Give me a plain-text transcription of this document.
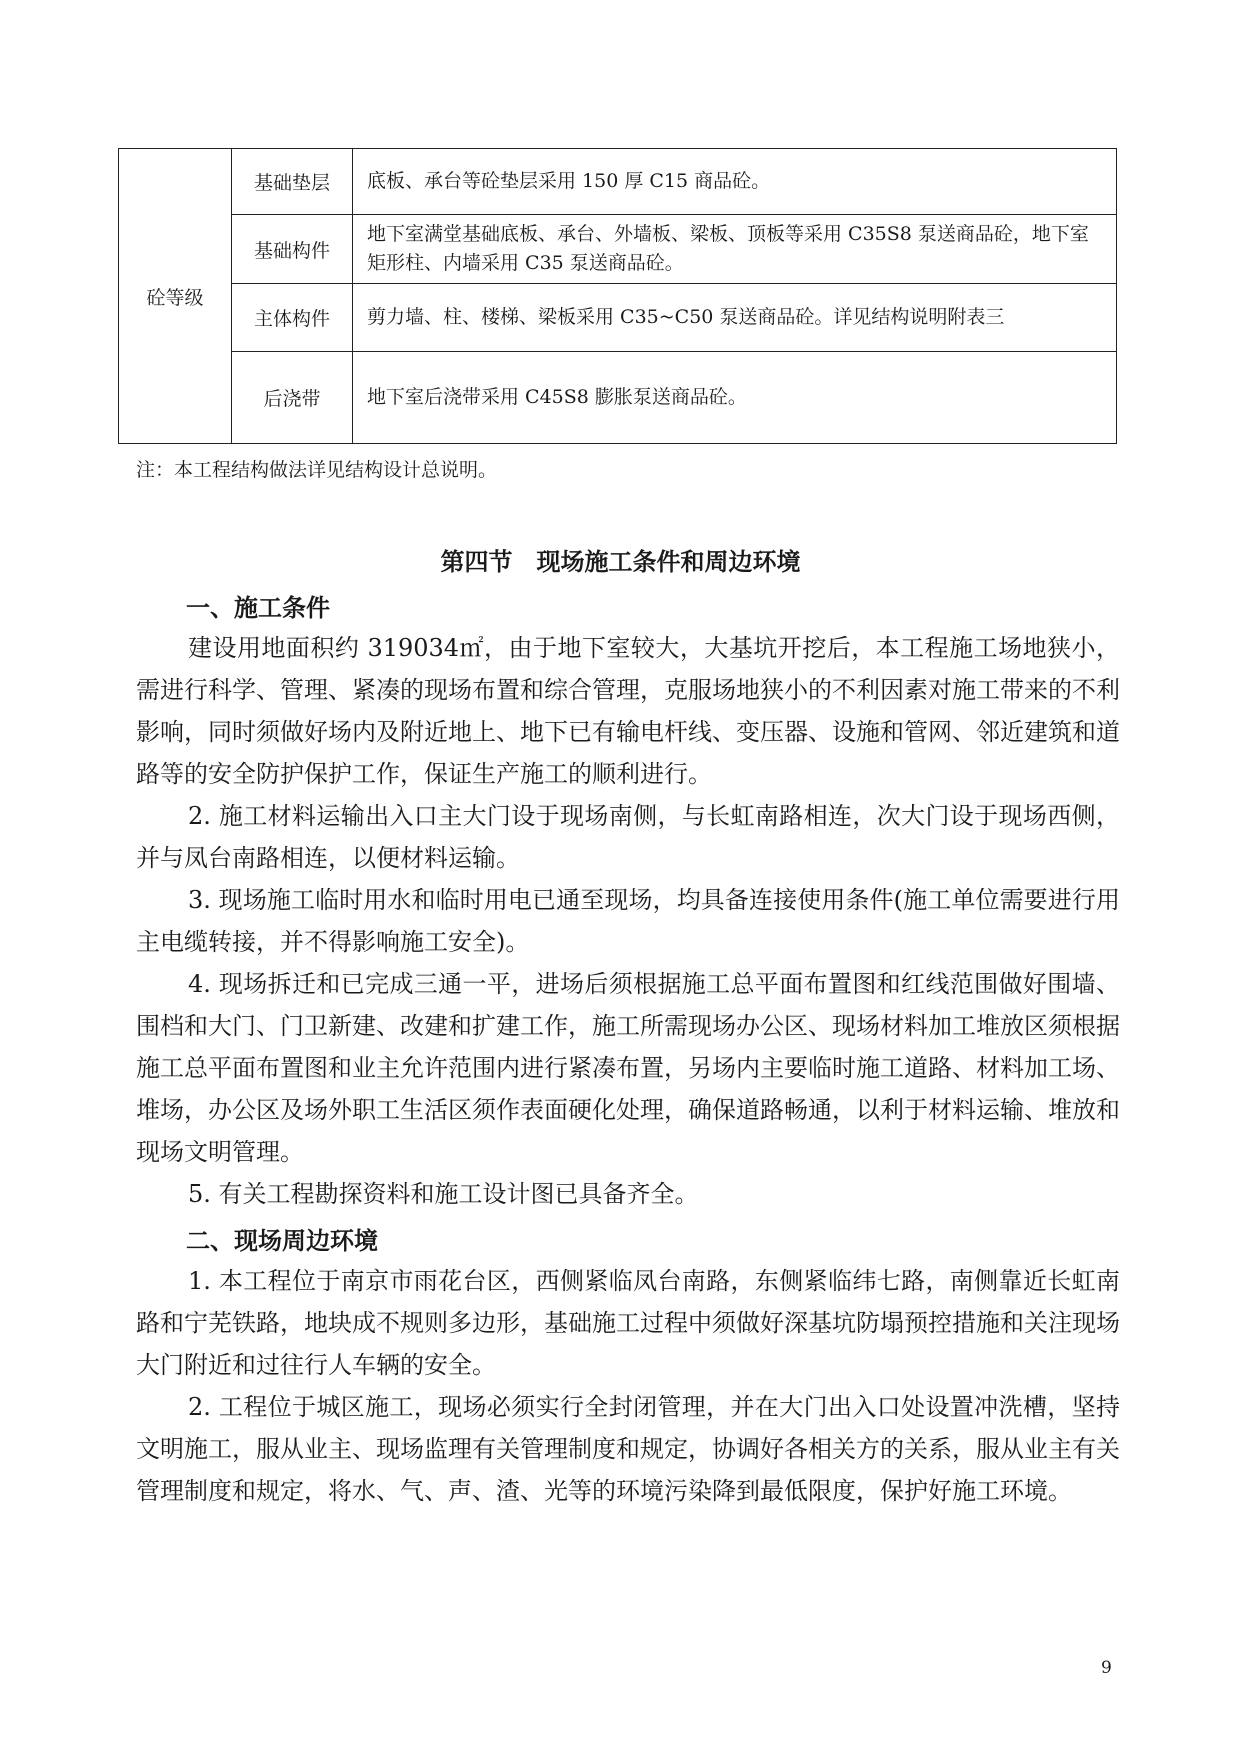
砼等级	基础垫层	底板、承台等砼垫层采用 150 厚 C15 商品砼。
	基础构件	地下室满堂基础底板、承台、外墙板、梁板、顶板等采用 C35S8 泵送商品砼，地下室矩形柱、内墙采用 C35 泵送商品砼。
	主体构件	剪力墙、柱、楼梯、梁板采用 C35~C50 泵送商品砼。详见结构说明附表三
	后浇带	地下室后浇带采用 C45S8 膨胀泵送商品砼。
注：本工程结构做法详见结构设计总说明。
第四节　现场施工条件和周边环境
一、施工条件

建设用地面积约 319034㎡，由于地下室较大，大基坑开挖后，本工程施工场地狭小，需进行科学、管理、紧凑的现场布置和综合管理，克服场地狭小的不利因素对施工带来的不利影响，同时须做好场内及附近地上、地下已有输电杆线、变压器、设施和管网、邻近建筑和道路等的安全防护保护工作，保证生产施工的顺利进行。

2. 施工材料运输出入口主大门设于现场南侧，与长虹南路相连，次大门设于现场西侧，并与凤台南路相连，以便材料运输。

3. 现场施工临时用水和临时用电已通至现场，均具备连接使用条件(施工单位需要进行用主电缆转接，并不得影响施工安全)。

4. 现场拆迁和已完成三通一平，进场后须根据施工总平面布置图和红线范围做好围墙、围档和大门、门卫新建、改建和扩建工作，施工所需现场办公区、现场材料加工堆放区须根据施工总平面布置图和业主允许范围内进行紧凑布置，另场内主要临时施工道路、材料加工场、堆场，办公区及场外职工生活区须作表面硬化处理，确保道路畅通，以利于材料运输、堆放和现场文明管理。

5. 有关工程勘探资料和施工设计图已具备齐全。

二、现场周边环境

1. 本工程位于南京市雨花台区，西侧紧临凤台南路，东侧紧临纬七路，南侧靠近长虹南路和宁芜铁路，地块成不规则多边形，基础施工过程中须做好深基坑防塌预控措施和关注现场大门附近和过往行人车辆的安全。

2. 工程位于城区施工，现场必须实行全封闭管理，并在大门出入口处设置冲洗槽，坚持文明施工，服从业主、现场监理有关管理制度和规定，协调好各相关方的关系，服从业主有关管理制度和规定，将水、气、声、渣、光等的环境污染降到最低限度，保护好施工环境。

9
